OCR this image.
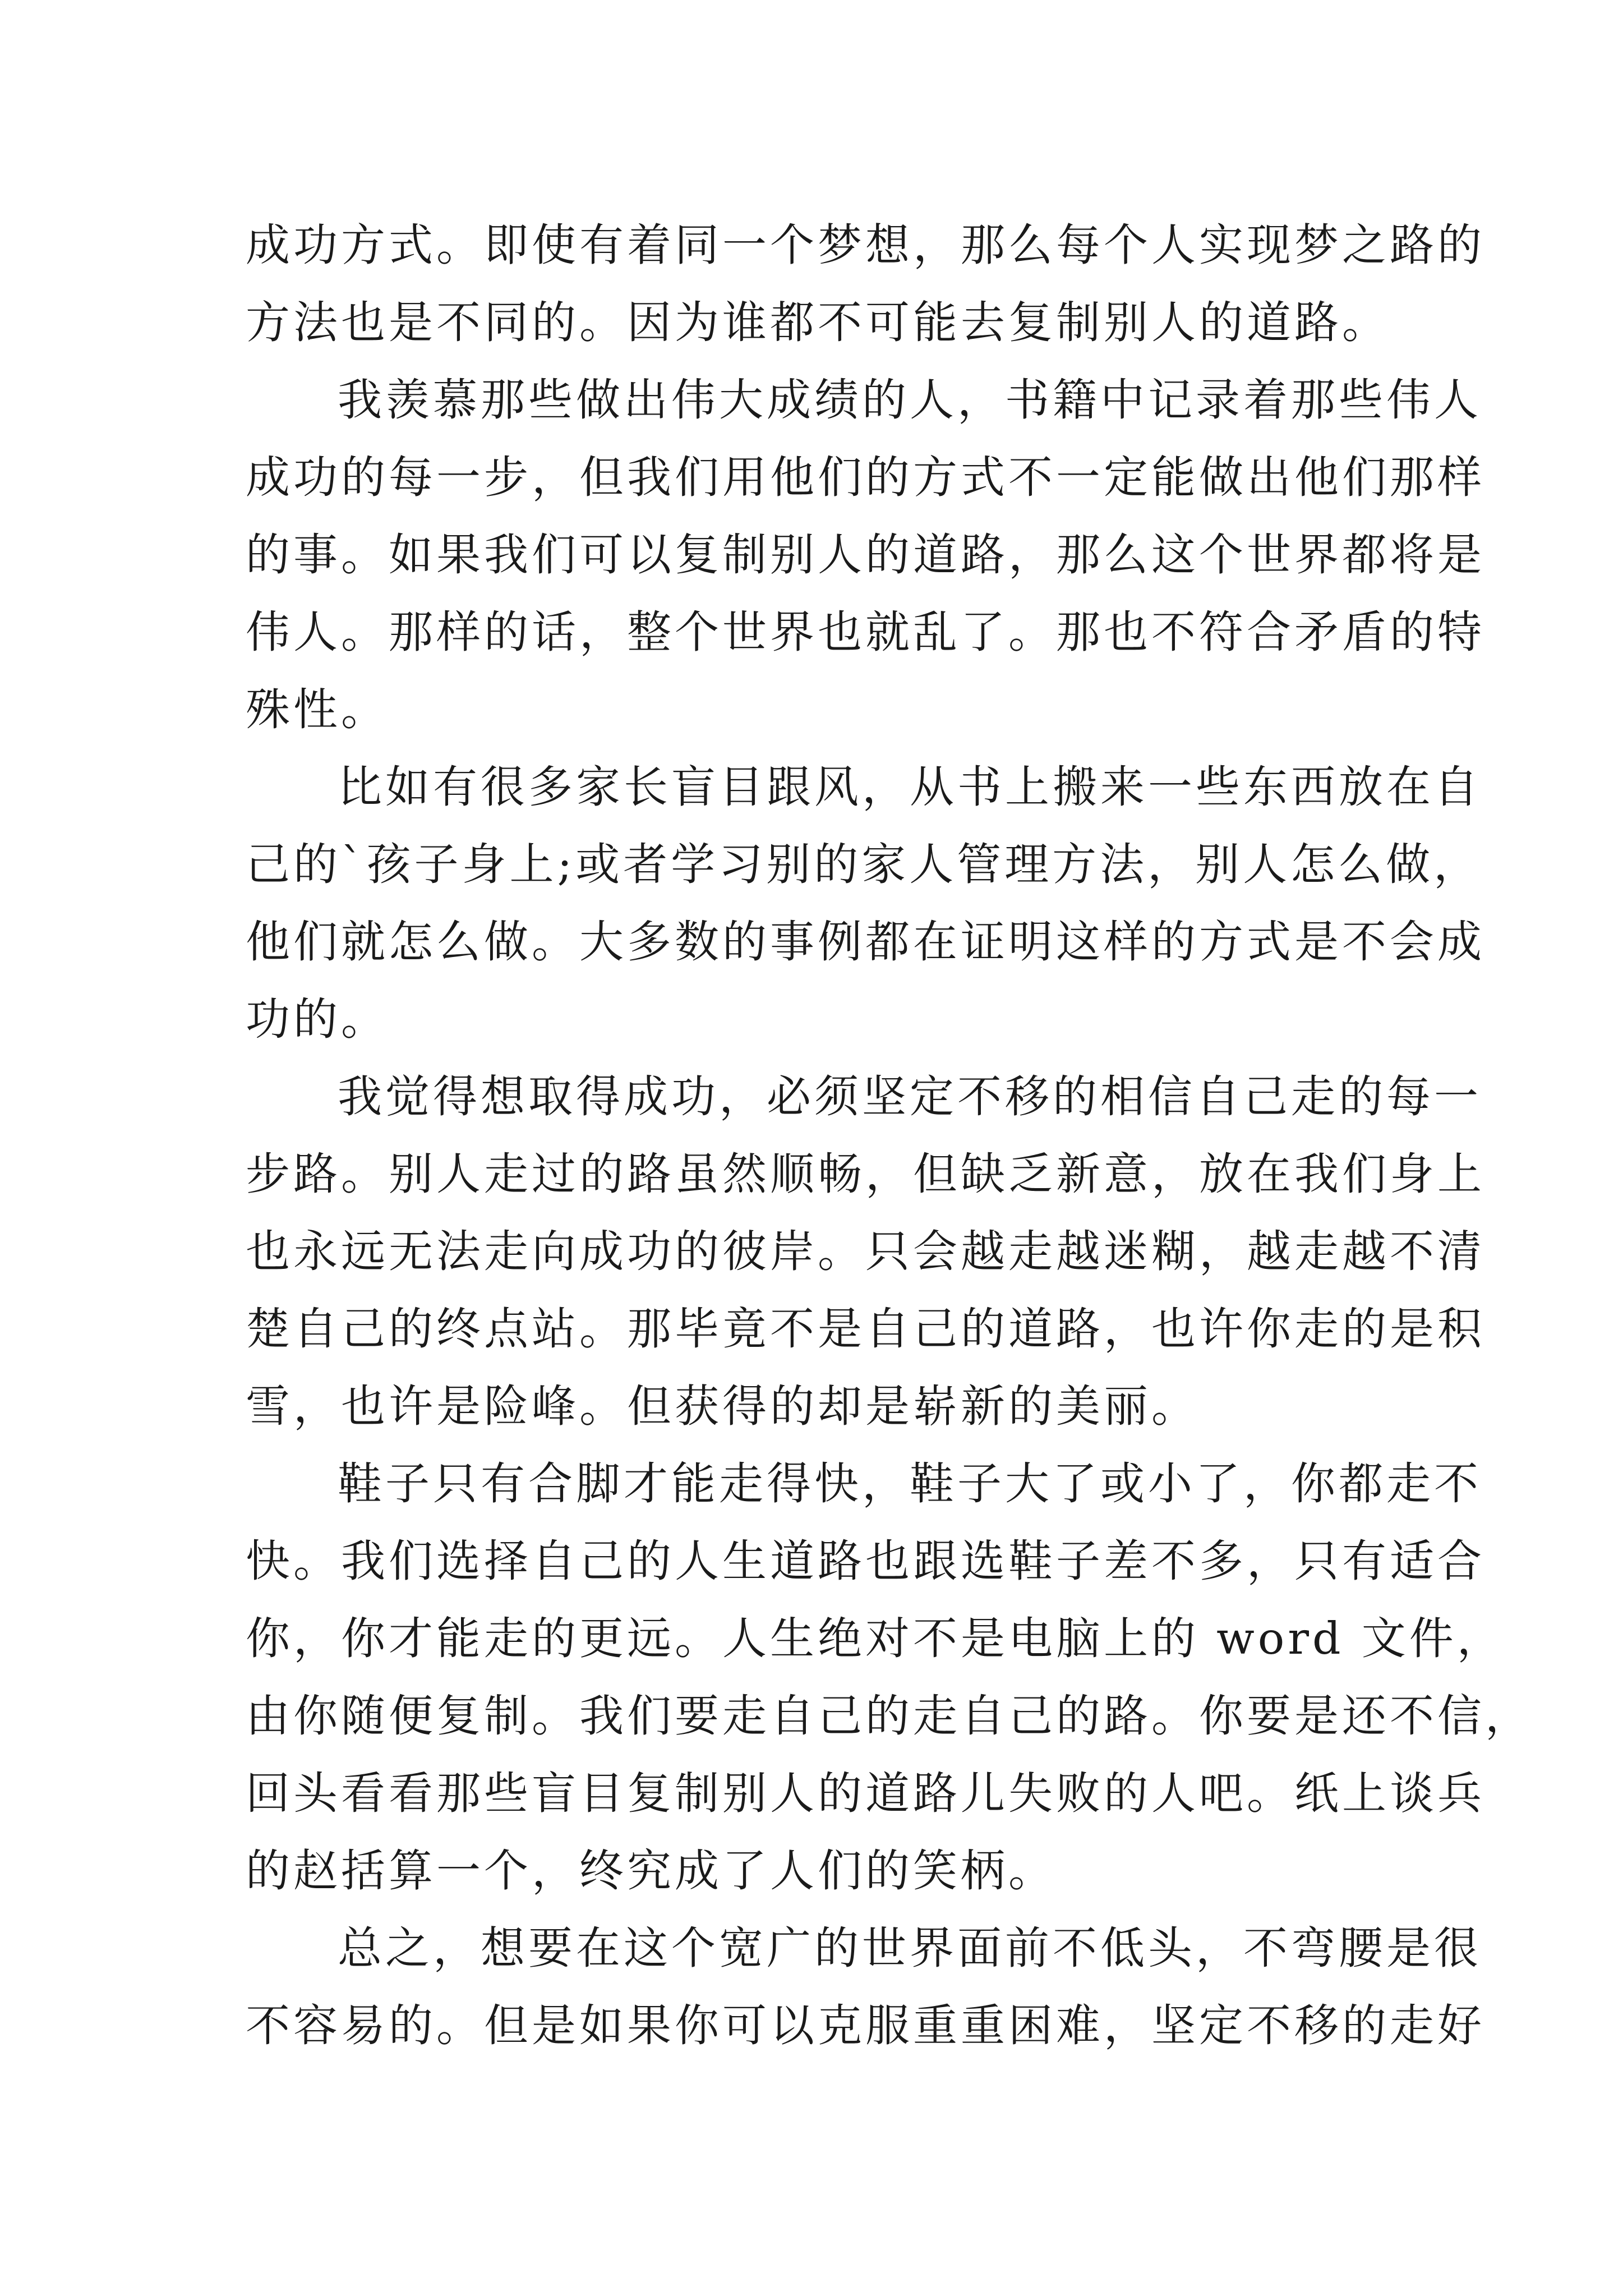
成功方式。即使有着同一个梦想，那么每个人实现梦之路的
方法也是不同的。因为谁都不可能去复制别人的道路。
我羡慕那些做出伟大成绩的人，书籍中记录着那些伟人
成功的每一步，但我们用他们的方式不一定能做出他们那样
的事。如果我们可以复制别人的道路，那么这个世界都将是
伟人。那样的话，整个世界也就乱了。那也不符合矛盾的特
殊性。
比如有很多家长盲目跟风，从书上搬来一些东西放在自
己的`孩子身上;或者学习别的家人管理方法，别人怎么做，
他们就怎么做。大多数的事例都在证明这样的方式是不会成
功的。
我觉得想取得成功，必须坚定不移的相信自己走的每一
步路。别人走过的路虽然顺畅，但缺乏新意，放在我们身上
也永远无法走向成功的彼岸。只会越走越迷糊，越走越不清
楚自己的终点站。那毕竟不是自己的道路，也许你走的是积
雪，也许是险峰。但获得的却是崭新的美丽。
鞋子只有合脚才能走得快，鞋子大了或小了，你都走不
快。我们选择自己的人生道路也跟选鞋子差不多，只有适合
你，你才能走的更远。人生绝对不是电脑上的 word 文件，
由你随便复制。我们要走自己的走自己的路。你要是还不信，
回头看看那些盲目复制别人的道路儿失败的人吧。纸上谈兵
的赵括算一个，终究成了人们的笑柄。
总之，想要在这个宽广的世界面前不低头，不弯腰是很
不容易的。但是如果你可以克服重重困难，坚定不移的走好
